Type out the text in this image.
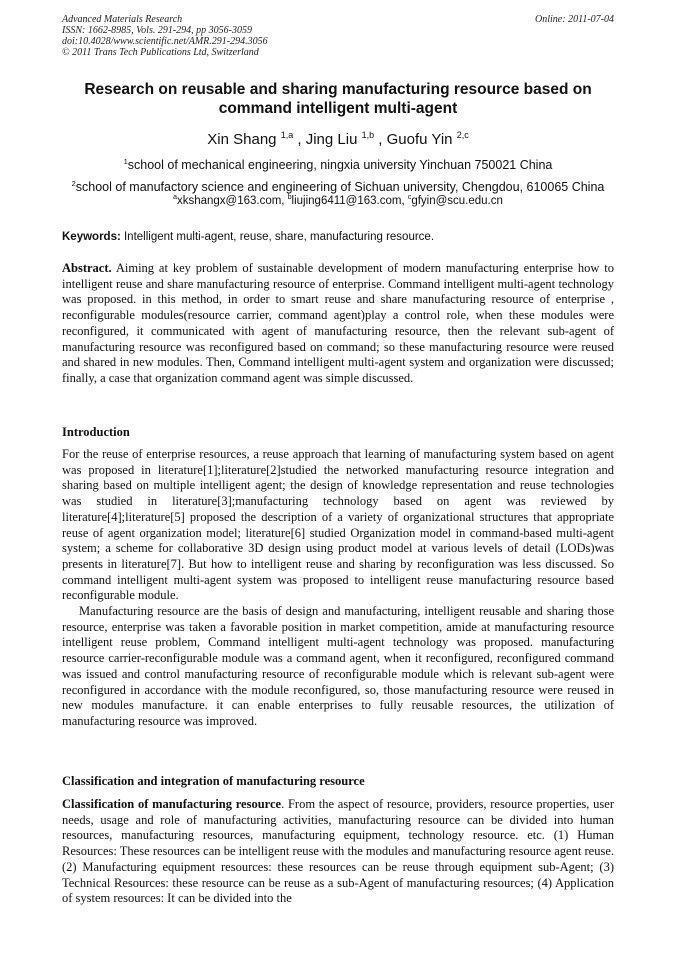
Advanced Materials Research
ISSN: 1662-8985, Vols. 291-294, pp 3056-3059
doi:10.4028/www.scientific.net/AMR.291-294.3056
© 2011 Trans Tech Publications Ltd, Switzerland
Online: 2011-07-04
Research on reusable and sharing manufacturing resource based on
command intelligent multi-agent
Xin Shang $^{1,a}$ , Jing Liu $^{1,b}$ , Guofu Yin $^{2,c}$
$^1$school of mechanical engineering, ningxia university Yinchuan 750021 China
$^2$school of manufactory science and engineering of Sichuan university, Chengdou, 610065 China
$^a$xkshangx@163.com, $^b$liujing6411@163.com, $^c$gfyin@scu.edu.cn
Keywords: Intelligent multi-agent, reuse, share, manufacturing resource.

Abstract. Aiming at key problem of sustainable development of modern manufacturing enterprise how to intelligent reuse and share manufacturing resource of enterprise. Command intelligent multi-agent technology was proposed. in this method, in order to smart reuse and share manufacturing resource of enterprise , reconfigurable modules(resource carrier, command agent)play a control role, when these modules were reconfigured, it communicated with agent of manufacturing resource, then the relevant sub-agent of manufacturing resource was reconfigured based on command; so these manufacturing resource were reused and shared in new modules. Then, Command intelligent multi-agent system and organization were discussed; finally, a case that organization command agent was simple discussed.

Introduction

For the reuse of enterprise resources, a reuse approach that learning of manufacturing system based on agent was proposed in literature[1];literature[2]studied the networked manufacturing resource integration and sharing based on multiple intelligent agent; the design of knowledge representation and reuse technologies was studied in literature[3];manufacturing technology based on agent was reviewed by literature[4];literature[5] proposed the description of a variety of organizational structures that appropriate reuse of agent organization model; literature[6] studied Organization model in command-based multi-agent system; a scheme for collaborative 3D design using product model at various levels of detail (LODs)was presents in literature[7]. But how to intelligent reuse and sharing by reconfiguration was less discussed. So command intelligent multi-agent system was proposed to intelligent reuse manufacturing resource based reconfigurable module.

Manufacturing resource are the basis of design and manufacturing, intelligent reusable and sharing those resource, enterprise was taken a favorable position in market competition, amide at manufacturing resource intelligent reuse problem, Command intelligent multi-agent technology was proposed. manufacturing resource carrier-reconfigurable module was a command agent, when it reconfigured, reconfigured command was issued and control manufacturing resource of reconfigurable module which is relevant sub-agent were reconfigured in accordance with the module reconfigured, so, those manufacturing resource were reused in new modules manufacture. it can enable enterprises to fully reusable resources, the utilization of manufacturing resource was improved.

Classification and integration of manufacturing resource

Classification of manufacturing resource. From the aspect of resource, providers, resource properties, user needs, usage and role of manufacturing activities, manufacturing resource can be divided into human resources, manufacturing resources, manufacturing equipment, technology resource. etc. (1) Human Resources: These resources can be intelligent reuse with the modules and manufacturing resource agent reuse. (2) Manufacturing equipment resources: these resources can be reuse through equipment sub-Agent; (3) Technical Resources: these resource can be reuse as a sub-Agent of manufacturing resources; (4) Application of system resources: It can be divided into the
